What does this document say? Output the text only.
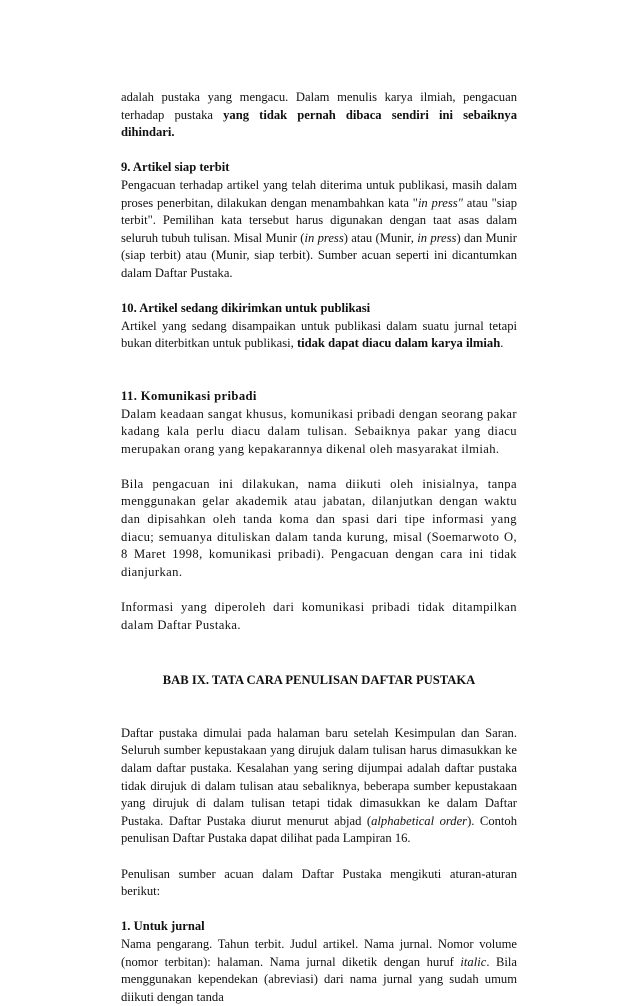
adalah pustaka yang mengacu. Dalam menulis karya ilmiah, pengacuan terhadap pustaka yang tidak pernah dibaca sendiri ini sebaiknya dihindari.

9. Artikel siap terbit

Pengacuan terhadap artikel yang telah diterima untuk publikasi, masih dalam proses penerbitan, dilakukan dengan menambahkan kata "in press" atau "siap terbit". Pemilihan kata tersebut harus digunakan dengan taat asas dalam seluruh tubuh tulisan. Misal Munir (in press) atau (Munir, in press) dan Munir (siap terbit) atau (Munir, siap terbit). Sumber acuan seperti ini dicantumkan dalam Daftar Pustaka.

10. Artikel sedang dikirimkan untuk publikasi

Artikel yang sedang disampaikan untuk publikasi dalam suatu jurnal tetapi bukan diterbitkan untuk publikasi, tidak dapat diacu dalam karya ilmiah.

11. Komunikasi pribadi

Dalam keadaan sangat khusus, komunikasi pribadi dengan seorang pakar kadang kala perlu diacu dalam tulisan. Sebaiknya pakar yang diacu merupakan orang yang kepakarannya dikenal oleh masyarakat ilmiah.

Bila pengacuan ini dilakukan, nama diikuti oleh inisialnya, tanpa menggunakan gelar akademik atau jabatan, dilanjutkan dengan waktu dan dipisahkan oleh tanda koma dan spasi dari tipe informasi yang diacu; semuanya dituliskan dalam tanda kurung, misal (Soemarwoto O, 8 Maret 1998, komunikasi pribadi). Pengacuan dengan cara ini tidak dianjurkan.

Informasi yang diperoleh dari komunikasi pribadi tidak ditampilkan dalam Daftar Pustaka.

BAB IX. TATA CARA PENULISAN DAFTAR PUSTAKA

Daftar pustaka dimulai pada halaman baru setelah Kesimpulan dan Saran. Seluruh sumber kepustakaan yang dirujuk dalam tulisan harus dimasukkan ke dalam daftar pustaka. Kesalahan yang sering dijumpai adalah daftar pustaka tidak dirujuk di dalam tulisan atau sebaliknya, beberapa sumber kepustakaan yang dirujuk di dalam tulisan tetapi tidak dimasukkan ke dalam Daftar Pustaka. Daftar Pustaka diurut menurut abjad (alphabetical order). Contoh penulisan Daftar Pustaka dapat dilihat pada Lampiran 16.

Penulisan sumber acuan dalam Daftar Pustaka mengikuti aturan-aturan berikut:

1. Untuk jurnal

Nama pengarang. Tahun terbit. Judul artikel. Nama jurnal. Nomor volume (nomor terbitan): halaman. Nama jurnal diketik dengan huruf italic. Bila menggunakan kependekan (abreviasi) dari nama jurnal yang sudah umum diikuti dengan tanda
